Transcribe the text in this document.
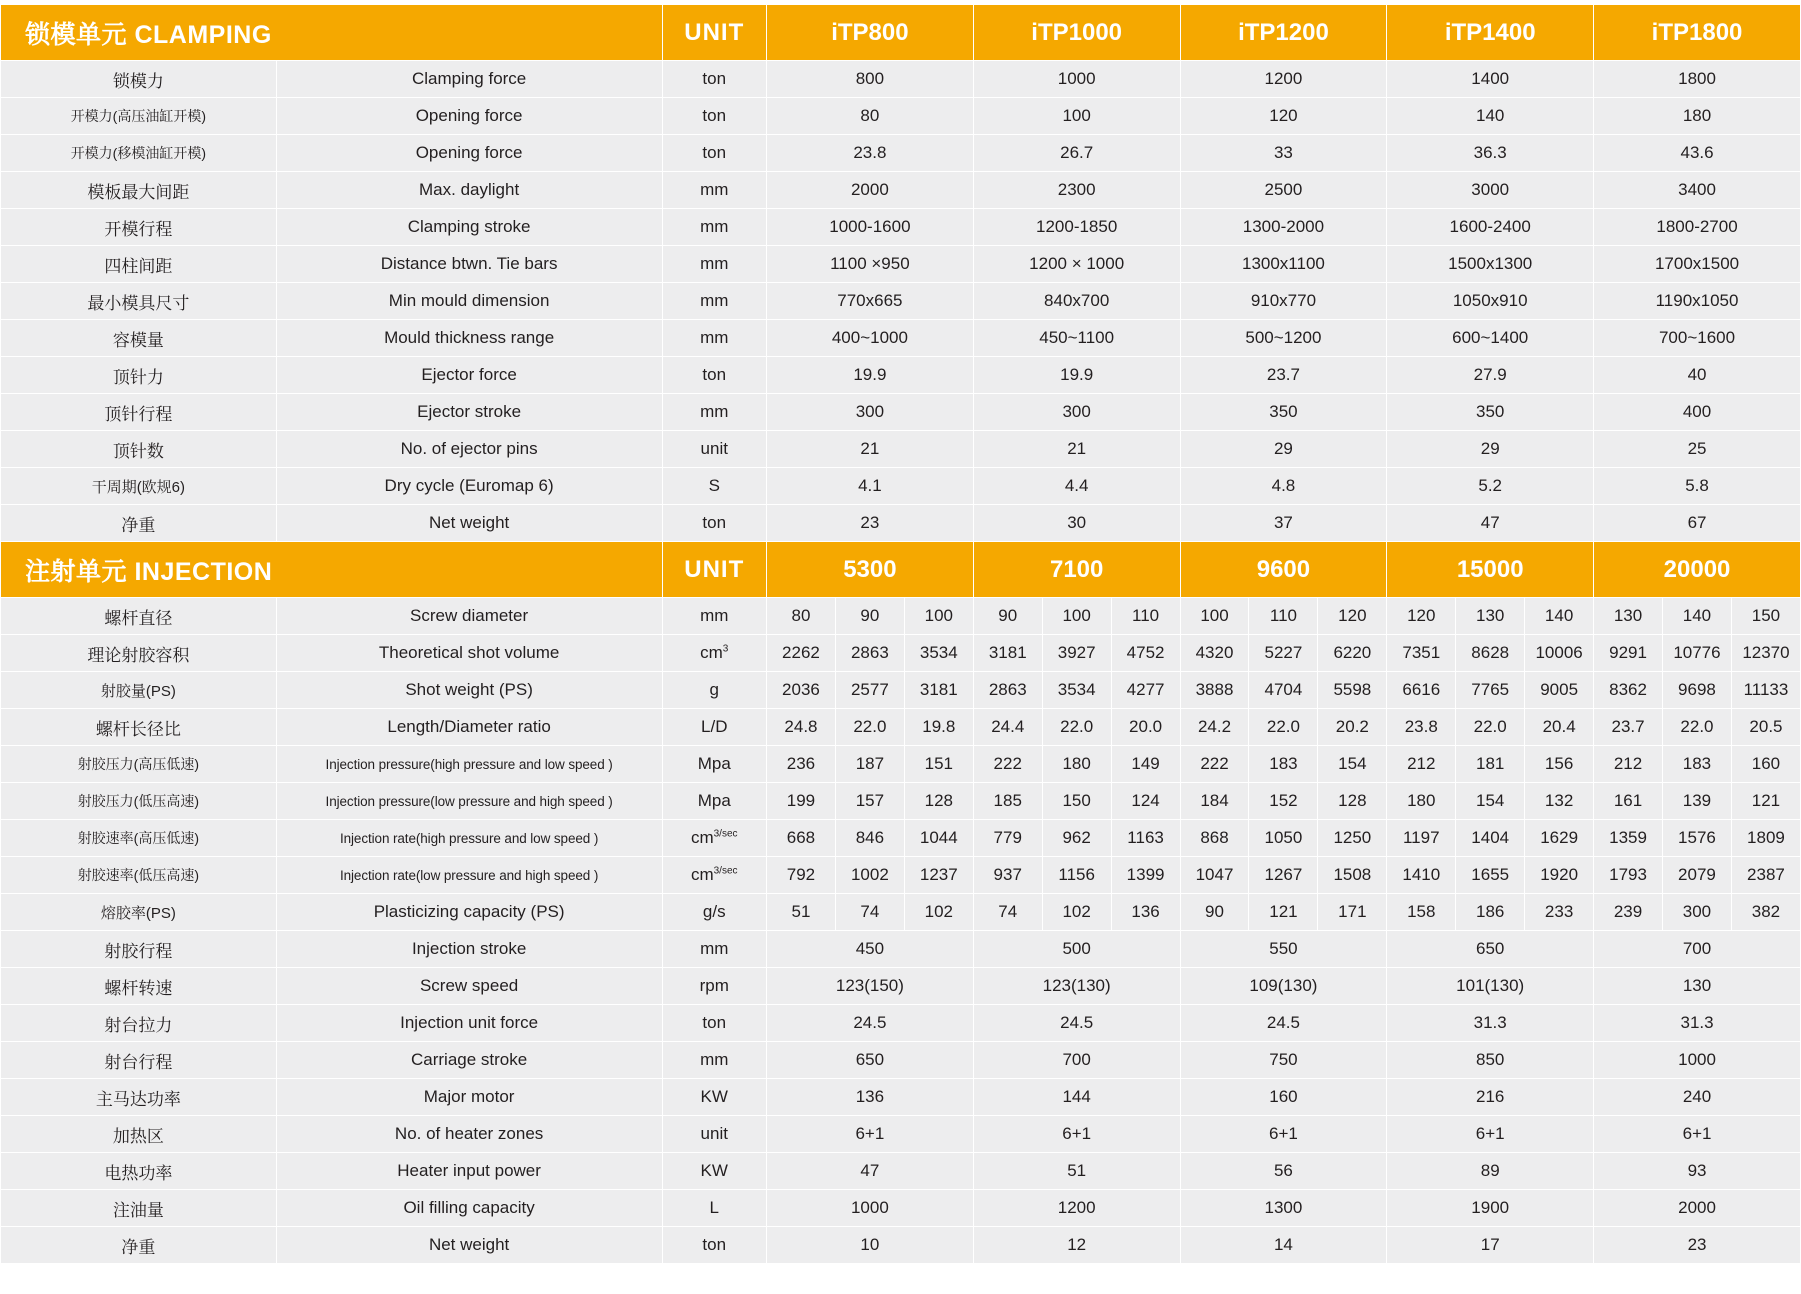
锁模单元 CLAMPING		UNIT	iTP800			iTP1000			iTP1200			iTP1400			iTP1800		
锁模力	Clamping force	ton	800			1000			1200			1400			1800		
开模力(高压油缸开模)	Opening force	ton	80			100			120			140			180		
开模力(移模油缸开模)	Opening force	ton	23.8			26.7			33			36.3			43.6		
模板最大间距	Max. daylight	mm	2000			2300			2500			3000			3400		
开模行程	Clamping stroke	mm	1000-1600			1200-1850			1300-2000			1600-2400			1800-2700		
四柱间距	Distance btwn. Tie bars	mm	1100 ×950			1200 × 1000			1300x1100			1500x1300			1700x1500		
最小模具尺寸	Min mould dimension	mm	770x665			840x700			910x770			1050x910			1190x1050		
容模量	Mould thickness range	mm	400~1000			450~1100			500~1200			600~1400			700~1600		
顶针力	Ejector force	ton	19.9			19.9			23.7			27.9			40		
顶针行程	Ejector stroke	mm	300			300			350			350			400		
顶针数	No. of ejector pins	unit	21			21			29			29			25		
干周期(欧规6)	Dry cycle (Euromap 6)	S	4.1			4.4			4.8			5.2			5.8		
净重	Net weight	ton	23			30			37			47			67		
注射单元 INJECTION		UNIT	5300			7100			9600			15000			20000		
螺杆直径	Screw diameter	mm	80	90	100	90	100	110	100	110	120	120	130	140	130	140	150
理论射胶容积	Theoretical shot volume	$cm^3$	2262	2863	3534	3181	3927	4752	4320	5227	6220	7351	8628	10006	9291	10776	12370
射胶量(PS)	Shot weight (PS)	g	2036	2577	3181	2863	3534	4277	3888	4704	5598	6616	7765	9005	8362	9698	11133
螺杆长径比	Length/Diameter ratio	L/D	24.8	22.0	19.8	24.4	22.0	20.0	24.2	22.0	20.2	23.8	22.0	20.4	23.7	22.0	20.5
射胶压力(高压低速)	Injection pressure(high pressure and low speed )	Mpa	236	187	151	222	180	149	222	183	154	212	181	156	212	183	160
射胶压力(低压高速)	Injection pressure(low pressure and high speed )	Mpa	199	157	128	185	150	124	184	152	128	180	154	132	161	139	121
射胶速率(高压低速)	Injection rate(high pressure and low speed )	$cm^{3/sec}$	668	846	1044	779	962	1163	868	1050	1250	1197	1404	1629	1359	1576	1809
射胶速率(低压高速)	Injection rate(low pressure and high speed )	$cm^{3/sec}$	792	1002	1237	937	1156	1399	1047	1267	1508	1410	1655	1920	1793	2079	2387
熔胶率(PS)	Plasticizing capacity (PS)	g/s	51	74	102	74	102	136	90	121	171	158	186	233	239	300	382
射胶行程	Injection stroke	mm	450			500			550			650			700		
螺杆转速	Screw speed	rpm	123(150)			123(130)			109(130)			101(130)			130		
射台拉力	Injection unit force	ton	24.5			24.5			24.5			31.3			31.3		
射台行程	Carriage stroke	mm	650			700			750			850			1000		
主马达功率	Major motor	KW	136			144			160			216			240		
加热区	No. of heater zones	unit	6+1			6+1			6+1			6+1			6+1		
电热功率	Heater input power	KW	47			51			56			89			93		
注油量	Oil filling capacity	L	1000			1200			1300			1900			2000		
净重	Net weight	ton	10			12			14			17			23		
